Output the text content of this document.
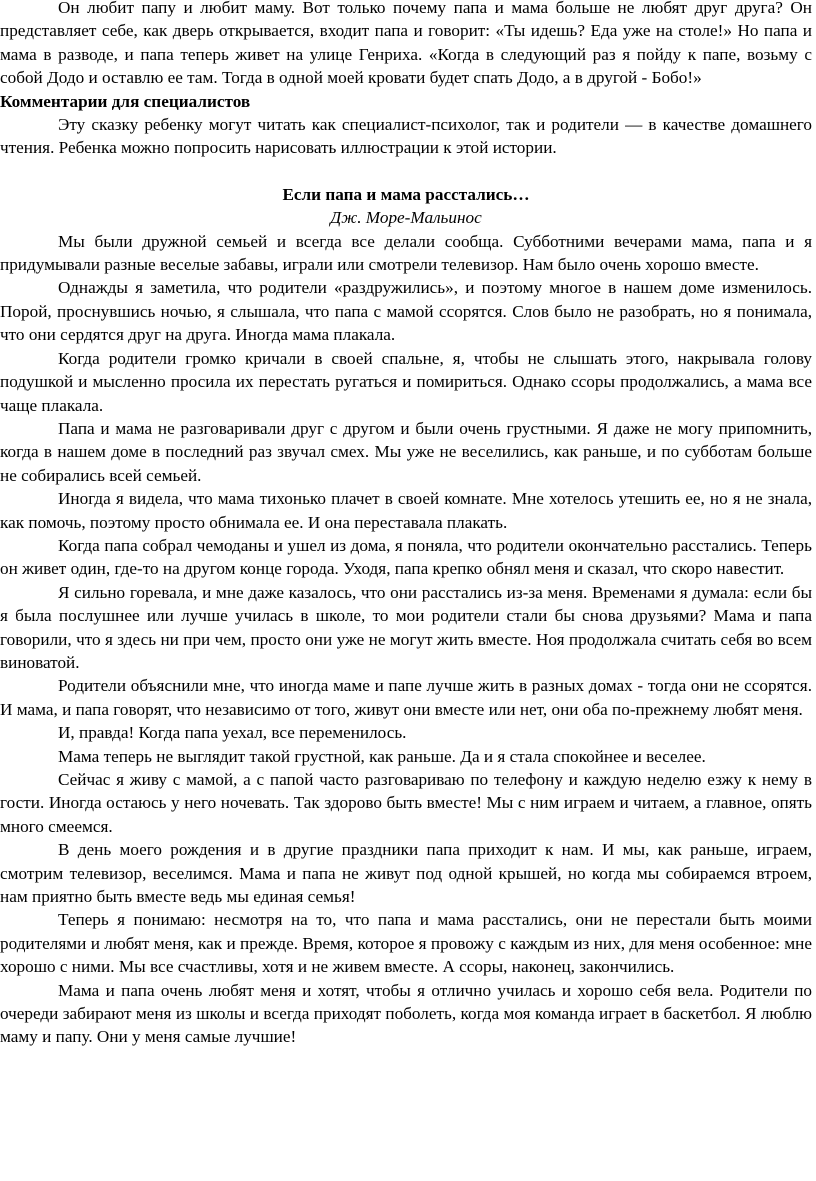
Он любит папу и любит маму. Вот только почему папа и мама больше не любят друг друга? Он представляет себе, как дверь открывается, входит папа и говорит: «Ты идешь? Еда уже на столе!» Но папа и мама в разводе, и папа теперь живет на улице Генриха. «Когда в следующий раз я пойду к папе, возьму с собой Додо и оставлю ее там. Тогда в одной моей кровати будет спать Додо, а в другой - Бобо!»

Комментарии для специалистов

Эту сказку ребенку могут читать как специалист-психолог, так и родители — в качестве домашнего чтения. Ребенка можно попросить нарисовать иллюстрации к этой истории.

Если папа и мама расстались…

Дж. Море-Мальинос

Мы были дружной семьей и всегда все делали сообща. Субботними вечерами мама, папа и я придумывали разные веселые забавы, играли или смотрели телевизор. Нам было очень хорошо вместе.

Однажды я заметила, что родители «раздружились», и поэтому многое в нашем доме изменилось. Порой, проснувшись ночью, я слышала, что папа с мамой ссорятся. Слов было не разобрать, но я понимала, что они сердятся друг на друга. Иногда мама плакала.

Когда родители громко кричали в своей спальне, я, чтобы не слышать этого, накрывала голову подушкой и мысленно просила их перестать ругаться и помириться. Однако ссоры продолжались, а мама все чаще плакала.

Папа и мама не разговаривали друг с другом и были очень грустными. Я даже не могу припомнить, когда в нашем доме в последний раз звучал смех. Мы уже не веселились, как раньше, и по субботам больше не собирались всей семьей.

Иногда я видела, что мама тихонько плачет в своей комнате. Мне хотелось утешить ее, но я не знала, как помочь, поэтому просто обнимала ее. И она переставала плакать.

Когда папа собрал чемоданы и ушел из дома, я поняла, что родители окончательно расстались. Теперь он живет один, где-то на другом конце города. Уходя, папа крепко обнял меня и сказал, что скоро навестит.

Я сильно горевала, и мне даже казалось, что они расстались из-за меня. Временами я думала: если бы я была послушнее или лучше училась в школе, то мои родители стали бы снова друзьями? Мама и папа говорили, что я здесь ни при чем, просто они уже не могут жить вместе. Ноя продолжала считать себя во всем виноватой.

Родители объяснили мне, что иногда маме и папе лучше жить в разных домах - тогда они не ссорятся. И мама, и папа говорят, что независимо от того, живут они вместе или нет, они оба по-прежнему любят меня.

И, правда! Когда папа уехал, все переменилось.

Мама теперь не выглядит такой грустной, как раньше. Да и я стала спокойнее и веселее.

Сейчас я живу с мамой, а с папой часто разговариваю по телефону и каждую неделю езжу к нему в гости. Иногда остаюсь у него ночевать. Так здорово быть вместе! Мы с ним играем и читаем, а главное, опять много смеемся.

В день моего рождения и в другие праздники папа приходит к нам. И мы, как раньше, играем, смотрим телевизор, веселимся. Мама и папа не живут под одной крышей, но когда мы собираемся втроем, нам приятно быть вместе ведь мы единая семья!

Теперь я понимаю: несмотря на то, что папа и мама расстались, они не перестали быть моими родителями и любят меня, как и прежде. Время, которое я провожу с каждым из них, для меня особенное: мне хорошо с ними. Мы все счастливы, хотя и не живем вместе. А ссоры, наконец, закончились.

Мама и папа очень любят меня и хотят, чтобы я отлично училась и хорошо себя вела. Родители по очереди забирают меня из школы и всегда приходят поболеть, когда моя команда играет в баскетбол. Я люблю маму и папу. Они у меня самые лучшие!
